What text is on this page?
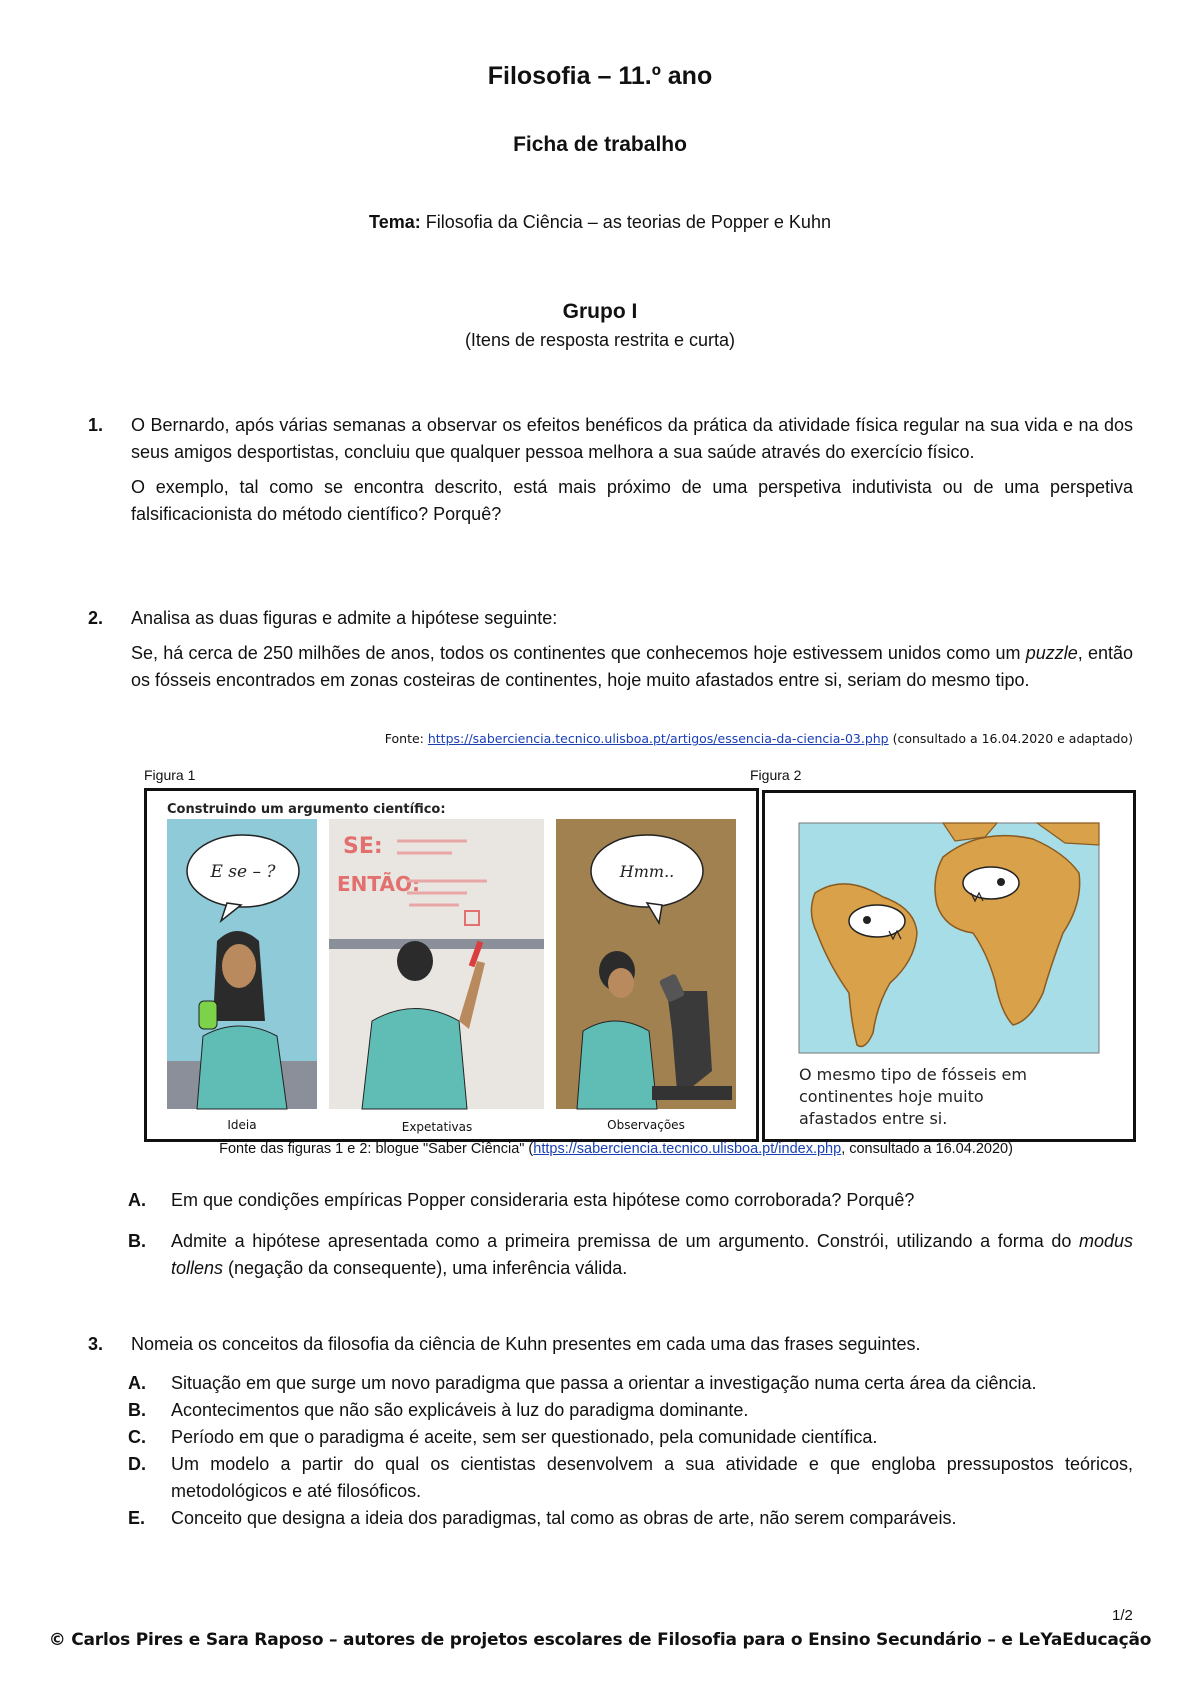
Filosofia – 11.º ano
Ficha de trabalho
Tema: Filosofia da Ciência – as teorias de Popper e Kuhn
Grupo I
(Itens de resposta restrita e curta)
1. O Bernardo, após várias semanas a observar os efeitos benéficos da prática da atividade física regular na sua vida e na dos seus amigos desportistas, concluiu que qualquer pessoa melhora a sua saúde através do exercício físico.

O exemplo, tal como se encontra descrito, está mais próximo de uma perspetiva indutivista ou de uma perspetiva falsificacionista do método científico? Porquê?

2. Analisa as duas figuras e admite a hipótese seguinte:

Se, há cerca de 250 milhões de anos, todos os continentes que conhecemos hoje estivessem unidos como um puzzle, então os fósseis encontrados em zonas costeiras de continentes, hoje muito afastados entre si, seriam do mesmo tipo.

Fonte: https://saberciencia.tecnico.ulisboa.pt/artigos/essencia-da-ciencia-03.php (consultado a 16.04.2020 e adaptado)
Figura 1	Figura 2
Construindo um argumento científico:
E se – ?
SE:
ENTÃO:
Hmm..
Ideia	Expetativas	Observações
O mesmo tipo de fósseis em
continentes hoje muito
afastados entre si.
Fonte das figuras 1 e 2: blogue "Saber Ciência" (https://saberciencia.tecnico.ulisboa.pt/index.php, consultado a 16.04.2020)
A. Em que condições empíricas Popper consideraria esta hipótese como corroborada? Porquê?
B. Admite a hipótese apresentada como a primeira premissa de um argumento. Constrói, utilizando a forma do modus tollens (negação da consequente), uma inferência válida.
3. Nomeia os conceitos da filosofia da ciência de Kuhn presentes em cada uma das frases seguintes.

A. Situação em que surge um novo paradigma que passa a orientar a investigação numa certa área da ciência.
B. Acontecimentos que não são explicáveis à luz do paradigma dominante.
C. Período em que o paradigma é aceite, sem ser questionado, pela comunidade científica.
D. Um modelo a partir do qual os cientistas desenvolvem a sua atividade e que engloba pressupostos teóricos, metodológicos e até filosóficos.
E. Conceito que designa a ideia dos paradigmas, tal como as obras de arte, não serem comparáveis.
1/2
© Carlos Pires e Sara Raposo – autores de projetos escolares de Filosofia para o Ensino Secundário – e LeYaEducação
